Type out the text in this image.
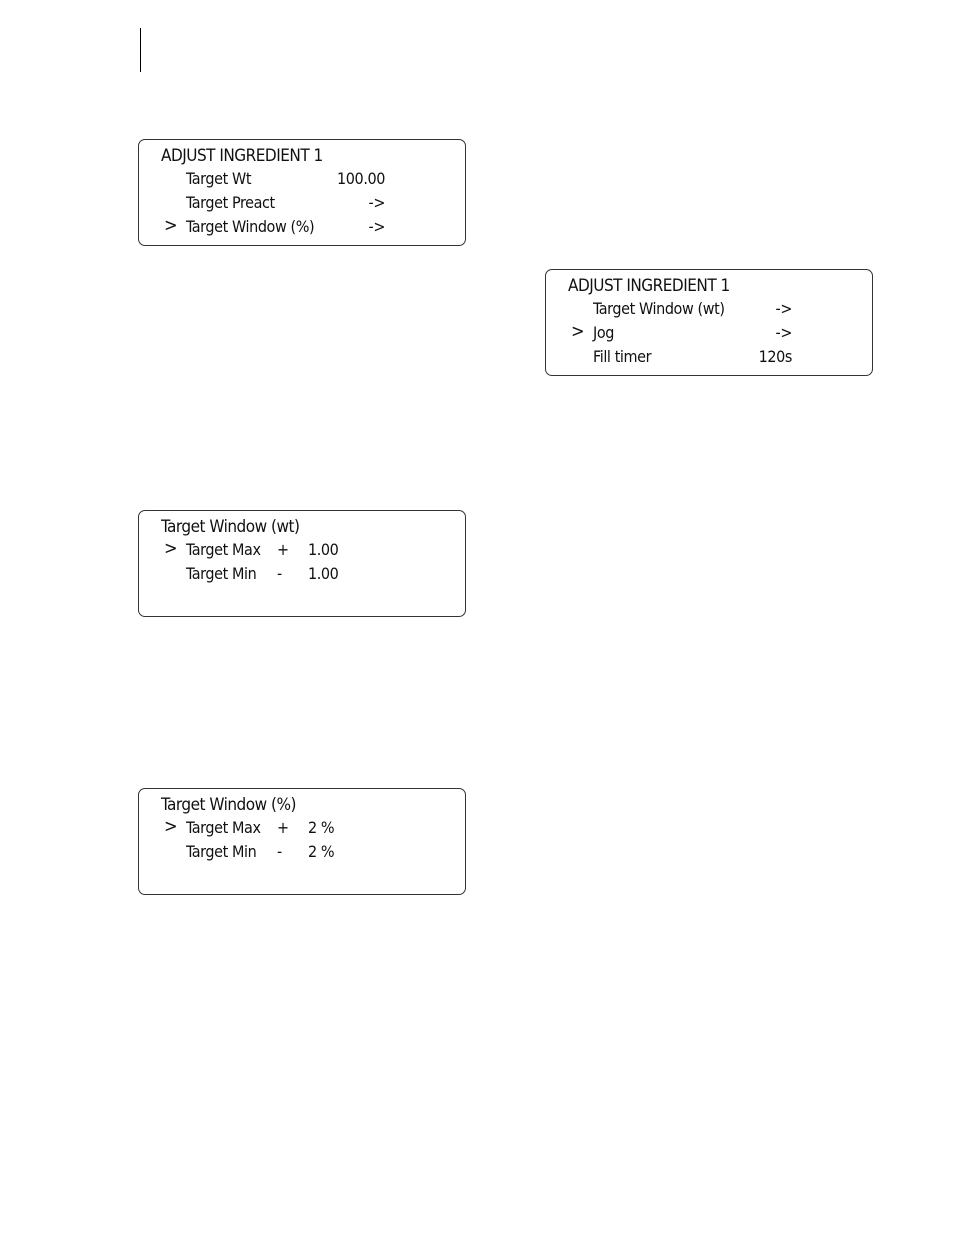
ADJUST INGREDIENT 1
Target Wt	100.00
Target Preact	->
> Target Window (%)	->
ADJUST INGREDIENT 1
Target Window (wt)	->
> Jog	->
Fill timer	120s
Target Window (wt)
> Target Max + 1.00
Target Min - 1.00
Target Window (%)
> Target Max + 2 %
Target Min - 2 %
